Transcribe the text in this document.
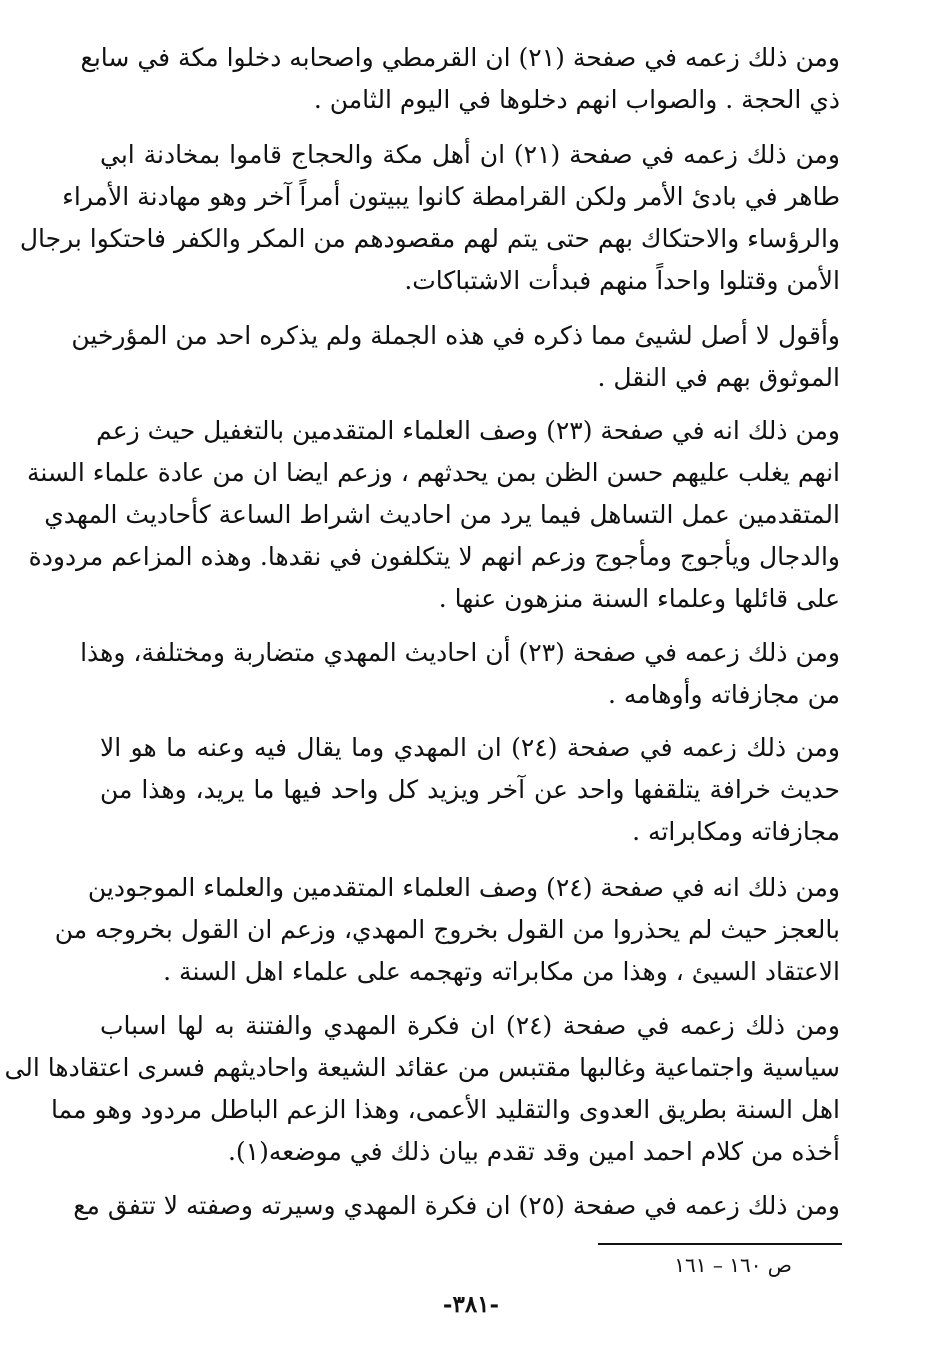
ومن ذلك زعمه في صفحة (٢١) ان القرمطي واصحابه دخلوا مكة في سابع
ذي الحجة . والصواب انهم دخلوها في اليوم الثامن .
ومن ذلك زعمه في صفحة (٢١) ان أهل مكة والحجاج قاموا بمخادنة ابي
طاهر في بادئ الأمر ولكن القرامطة كانوا يبيتون أمراً آخر وهو مهادنة الأمراء
والرؤساء والاحتكاك بهم حتى يتم لهم مقصودهم من المكر والكفر فاحتكوا برجال
الأمن وقتلوا واحداً منهم فبدأت الاشتباكات.
وأقول لا أصل لشيئ مما ذكره في هذه الجملة ولم يذكره احد من المؤرخين
الموثوق بهم في النقل .
ومن ذلك انه في صفحة (٢٣) وصف العلماء المتقدمين بالتغفيل حيث زعم
انهم يغلب عليهم حسن الظن بمن يحدثهم ، وزعم ايضا ان من عادة علماء السنة
المتقدمين عمل التساهل فيما يرد من احاديث اشراط الساعة كأحاديث المهدي
والدجال ويأجوج ومأجوج وزعم انهم لا يتكلفون في نقدها. وهذه المزاعم مردودة
على قائلها وعلماء السنة منزهون عنها .
ومن ذلك زعمه في صفحة (٢٣) أن احاديث المهدي متضاربة ومختلفة، وهذا
من مجازفاته وأوهامه .
ومن ذلك زعمه في صفحة (٢٤) ان المهدي وما يقال فيه وعنه ما هو الا
حديث خرافة يتلقفها واحد عن آخر ويزيد كل واحد فيها ما يريد، وهذا من
مجازفاته ومكابراته .
ومن ذلك انه في صفحة (٢٤) وصف العلماء المتقدمين والعلماء الموجودين
بالعجز حيث لم يحذروا من القول بخروج المهدي، وزعم ان القول بخروجه من
الاعتقاد السيئ ، وهذا من مكابراته وتهجمه على علماء اهل السنة .
ومن ذلك زعمه في صفحة (٢٤) ان فكرة المهدي والفتنة به لها اسباب
سياسية واجتماعية وغالبها مقتبس من عقائد الشيعة واحاديثهم فسرى اعتقادها الى
اهل السنة بطريق العدوى والتقليد الأعمى، وهذا الزعم الباطل مردود وهو مما
أخذه من كلام احمد امين وقد تقدم بيان ذلك في موضعه(١).
ومن ذلك زعمه في صفحة (٢٥) ان فكرة المهدي وسيرته وصفته لا تتفق مع
ص ١٦٠ – ١٦١
-٣٨١-
